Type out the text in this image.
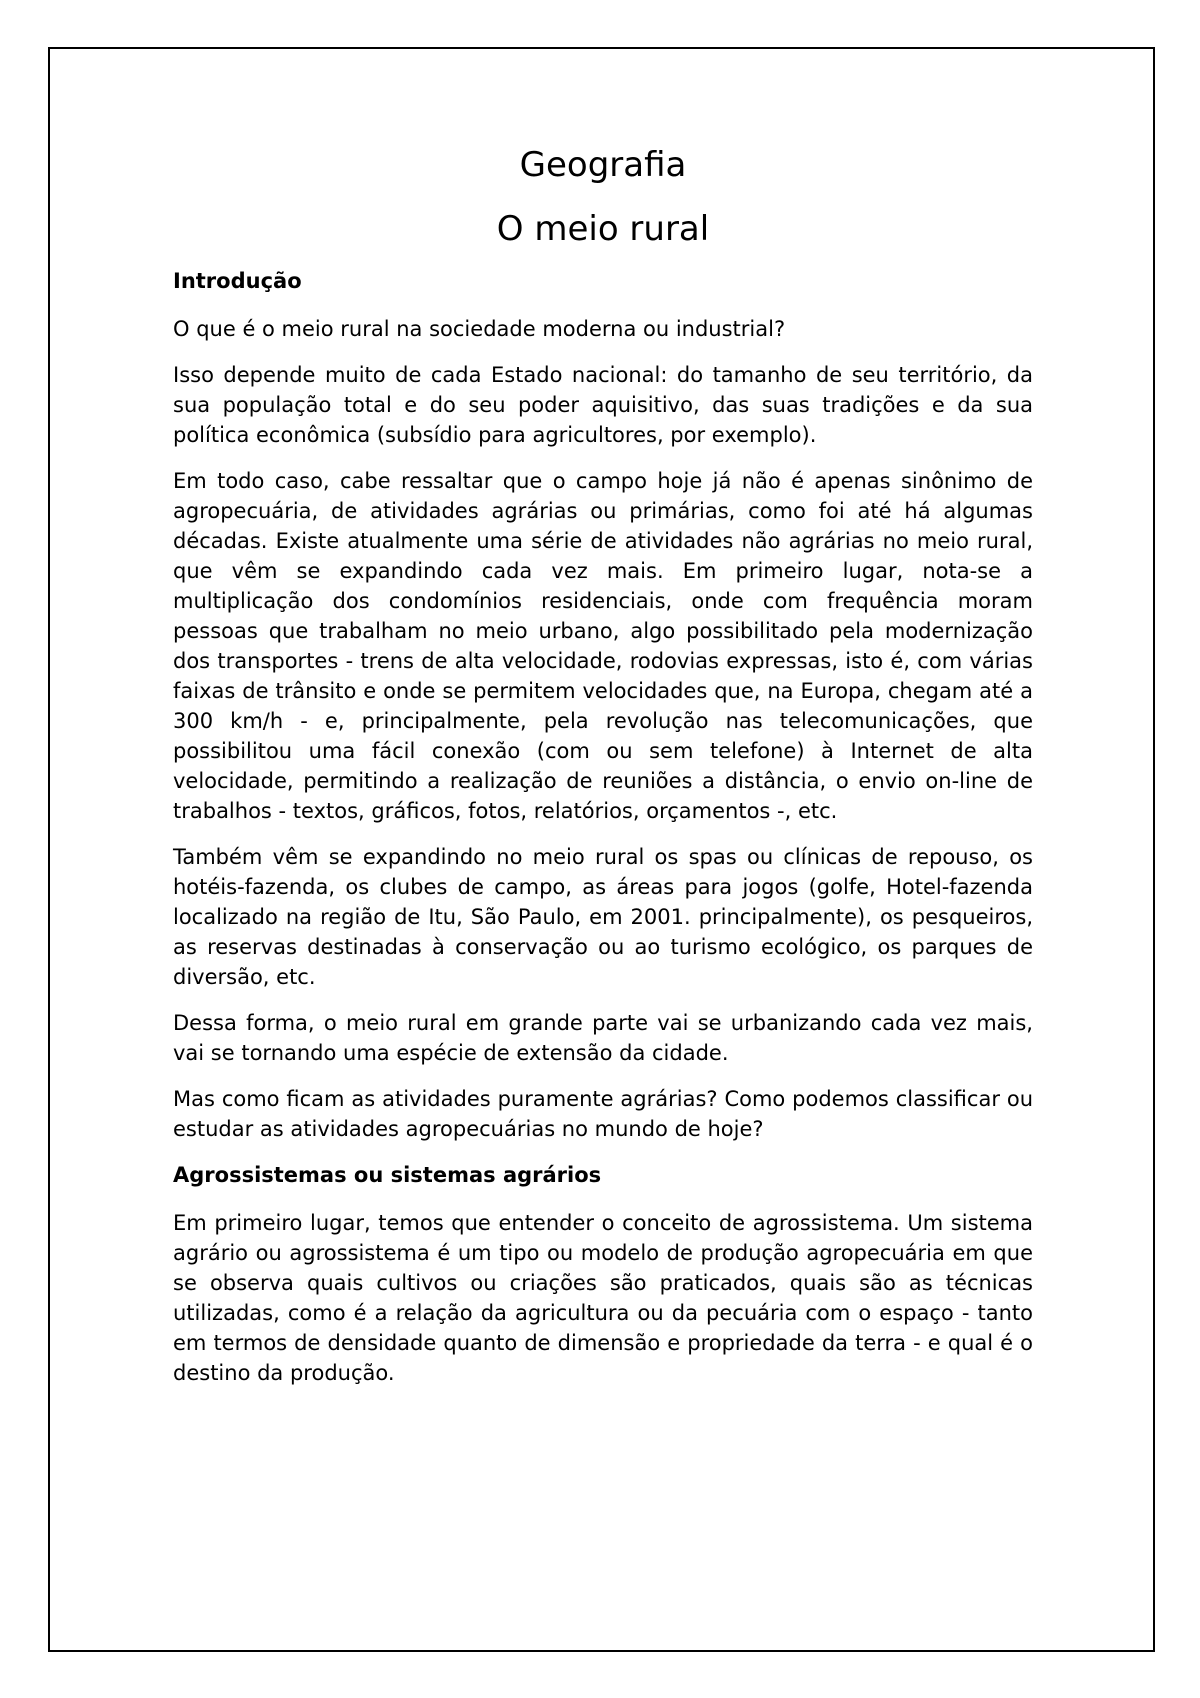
Geografia
O meio rural
Introdução

O que é o meio rural na sociedade moderna ou industrial?

Isso depende muito de cada Estado nacional: do tamanho de seu território, da sua população total e do seu poder aquisitivo, das suas tradições e da sua política econômica (subsídio para agricultores, por exemplo).

Em todo caso, cabe ressaltar que o campo hoje já não é apenas sinônimo de agropecuária, de atividades agrárias ou primárias, como foi até há algumas décadas. Existe atualmente uma série de atividades não agrárias no meio rural, que vêm se expandindo cada vez mais. Em primeiro lugar, nota-se a multiplicação dos condomínios residenciais, onde com frequência moram pessoas que trabalham no meio urbano, algo possibilitado pela modernização dos transportes - trens de alta velocidade, rodovias expressas, isto é, com várias faixas de trânsito e onde se permitem velocidades que, na Europa, chegam até a 300 km/h - e, principalmente, pela revolução nas telecomunicações, que possibilitou uma fácil conexão (com ou sem telefone) à Internet de alta velocidade, permitindo a realização de reuniões a distância, o envio on-line de trabalhos - textos, gráficos, fotos, relatórios, orçamentos -, etc.

Também vêm se expandindo no meio rural os spas ou clínicas de repouso, os hotéis-fazenda, os clubes de campo, as áreas para jogos (golfe, Hotel-fazenda localizado na região de Itu, São Paulo, em 2001. principalmente), os pesqueiros, as reservas destinadas à conservação ou ao turismo ecológico, os parques de diversão, etc.

Dessa forma, o meio rural em grande parte vai se urbanizando cada vez mais, vai se tornando uma espécie de extensão da cidade.

Mas como ficam as atividades puramente agrárias? Como podemos classificar ou estudar as atividades agropecuárias no mundo de hoje?

Agrossistemas ou sistemas agrários

Em primeiro lugar, temos que entender o conceito de agrossistema. Um sistema agrário ou agrossistema é um tipo ou modelo de produção agropecuária em que se observa quais cultivos ou criações são praticados, quais são as técnicas utilizadas, como é a relação da agricultura ou da pecuária com o espaço - tanto em termos de densidade quanto de dimensão e propriedade da terra - e qual é o destino da produção.
